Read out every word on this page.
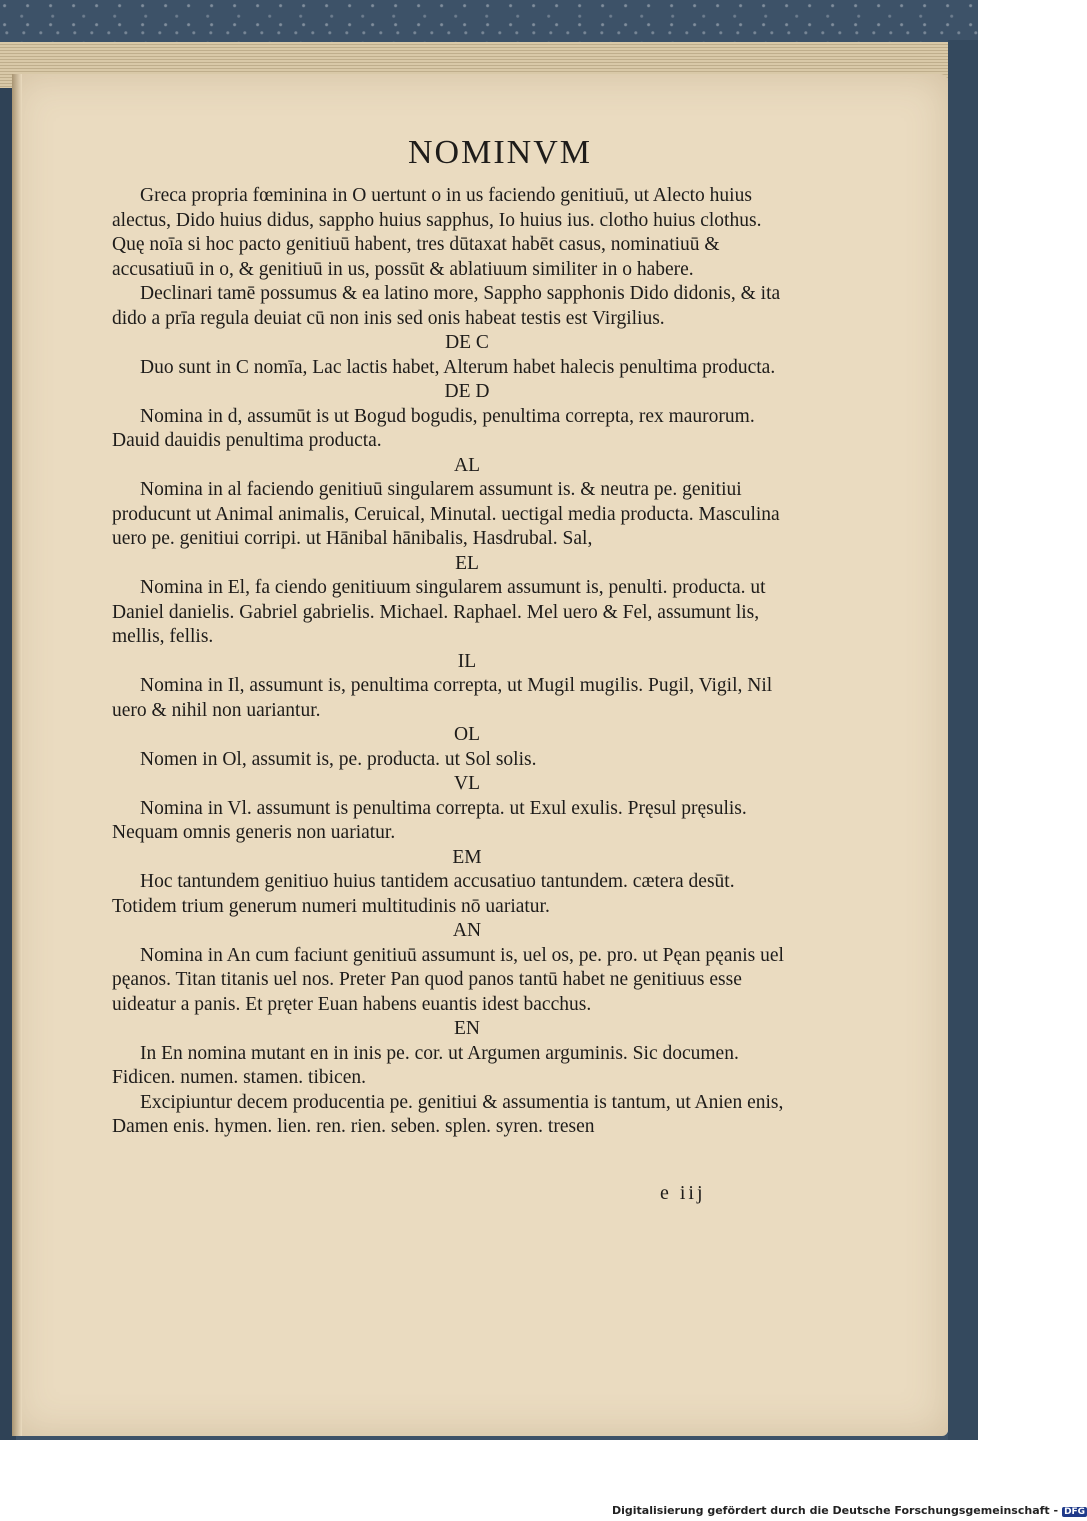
NOMINVM

Greca propria fœminina in O uertunt o in us faciendo genitiuū, ut Alecto huius alectus, Dido huius didus, sappho huius sapphus, Io huius ius. clotho huius clothus. Quę noīa si hoc pacto genitiuū habent, tres dūtaxat habēt casus, nominatiuū & accusatiuū in o, & genitiuū in us, possūt & ablatiuum similiter in o habere.

Declinari tamē possumus & ea latino more, Sappho sapphonis Dido didonis, & ita dido a prīa regula deuiat cū non inis sed onis habeat testis est Virgilius.

DE C

Duo sunt in C nomīa, Lac lactis habet, Alterum habet halecis penultima producta.

DE D

Nomina in d, assumūt is ut Bogud bogudis, penultima correpta, rex maurorum. Dauid dauidis penultima producta.

AL

Nomina in al faciendo genitiuū singularem assumunt is. & neutra pe. genitiui producunt ut Animal animalis, Ceruical, Minutal. uectigal media producta. Masculina uero pe. genitiui corripi. ut Hānibal hānibalis, Hasdrubal. Sal,

EL

Nomina in El, fa ciendo genitiuum singularem assumunt is, penulti. producta. ut Daniel danielis. Gabriel gabrielis. Michael. Raphael. Mel uero & Fel, assumunt lis, mellis, fellis.

IL

Nomina in Il, assumunt is, penultima correpta, ut Mugil mugilis. Pugil, Vigil, Nil uero & nihil non uariantur.

OL

Nomen in Ol, assumit is, pe. producta. ut Sol solis.

VL

Nomina in Vl. assumunt is penultima correpta. ut Exul exulis. Pręsul pręsulis. Nequam omnis generis non uariatur.

EM

Hoc tantundem genitiuo huius tantidem accusatiuo tantundem. cætera desūt. Totidem trium generum numeri multitudinis nō uariatur.

AN

Nomina in An cum faciunt genitiuū assumunt is, uel os, pe. pro. ut Pęan pęanis uel pęanos. Titan titanis uel nos. Preter Pan quod panos tantū habet ne genitiuus esse uideatur a panis. Et pręter Euan habens euantis idest bacchus.

EN

In En nomina mutant en in inis pe. cor. ut Argumen arguminis. Sic documen. Fidicen. numen. stamen. tibicen.

Excipiuntur decem producentia pe. genitiui & assumentia is tantum, ut Anien enis, Damen enis. hymen. lien. ren. rien. seben. splen. syren. tresen

e iij
Digitalisierung gefördert durch die Deutsche Forschungsgemeinschaft - DFG
